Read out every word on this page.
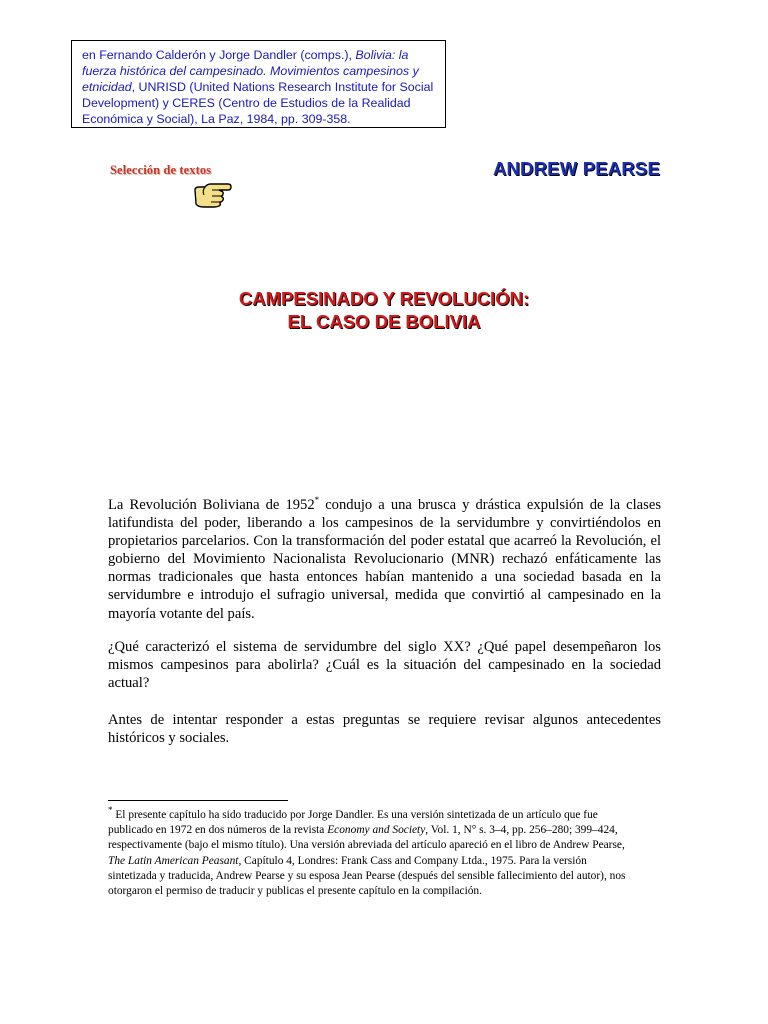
en Fernando Calderón y Jorge Dandler (comps.), Bolivia: la fuerza histórica del campesinado. Movimientos campesinos y etnicidad, UNRISD (United Nations Research Institute for Social Development) y CERES (Centro de Estudios de la Realidad Económica y Social), La Paz, 1984, pp. 309-358.
Selección de textos	ANDREW PEARSE
CAMPESINADO Y REVOLUCIÓN:
EL CASO DE BOLIVIA
La Revolución Boliviana de 1952* condujo a una brusca y drástica expulsión de la clases latifundista del poder, liberando a los campesinos de la servidumbre y convirtiéndolos en propietarios parcelarios. Con la transformación del poder estatal que acarreó la Revolución, el gobierno del Movimiento Nacionalista Revolucionario (MNR) rechazó enfáticamente las normas tradicionales que hasta entonces habían mantenido a una sociedad basada en la servidumbre e introdujo el sufragio universal, medida que convirtió al campesinado en la mayoría votante del país.
¿Qué caracterizó el sistema de servidumbre del siglo XX? ¿Qué papel desempeñaron los mismos campesinos para abolirla? ¿Cuál es la situación del campesinado en la sociedad actual?
Antes de intentar responder a estas preguntas se requiere revisar algunos antecedentes históricos y sociales.
* El presente capítulo ha sido traducido por Jorge Dandler. Es una versión sintetizada de un artículo que fue publicado en 1972 en dos números de la revista Economy and Society, Vol. 1, N° s. 3–4, pp. 256–280; 399–424, respectivamente (bajo el mismo título). Una versión abreviada del artículo apareció en el libro de Andrew Pearse, The Latin American Peasant, Capítulo 4, Londres: Frank Cass and Company Ltda., 1975. Para la versión sintetizada y traducida, Andrew Pearse y su esposa Jean Pearse (después del sensible fallecimiento del autor), nos otorgaron el permiso de traducir y publicas el presente capítulo en la compilación.
